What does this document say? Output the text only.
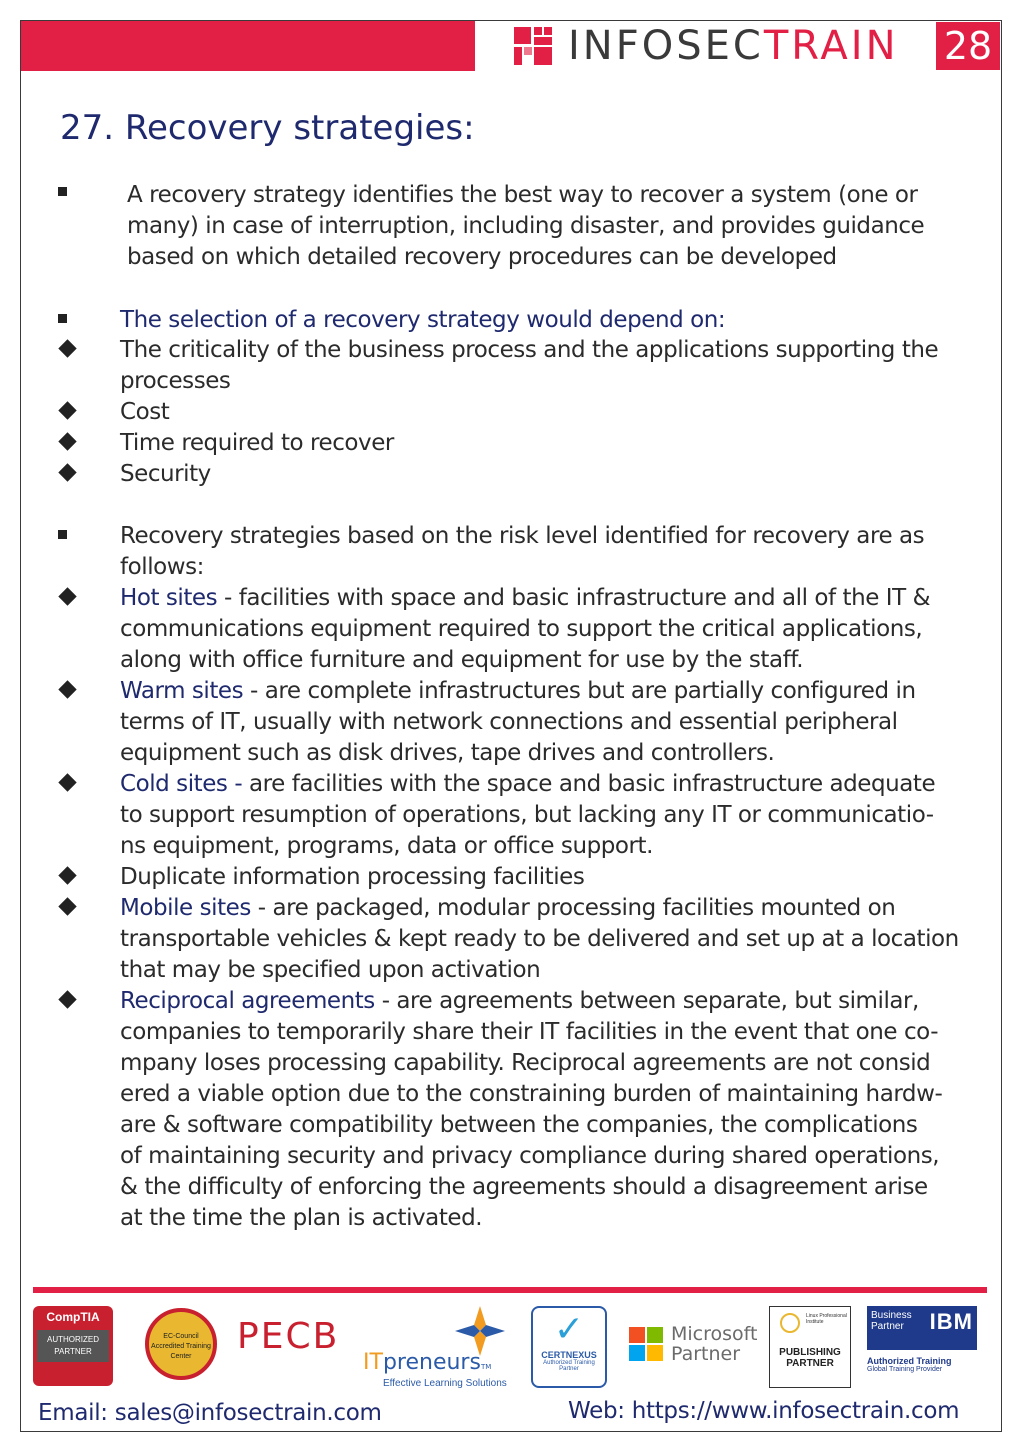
INFOSECTRAIN 28
27. Recovery strategies:
A recovery strategy identifies the best way to recover a system (one or
many) in case of interruption, including disaster, and provides guidance
based on which detailed recovery procedures can be developed
The selection of a recovery strategy would depend on:
The criticality of the business process and the applications supporting the
processes
Cost
Time required to recover
Security
Recovery strategies based on the risk level identified for recovery are as
follows:
Hot sites - facilities with space and basic infrastructure and all of the IT &
communications equipment required to support the critical applications,
along with office furniture and equipment for use by the staff.
Warm sites - are complete infrastructures but are partially configured in
terms of IT, usually with network connections and essential peripheral
equipment such as disk drives, tape drives and controllers.
Cold sites - are facilities with the space and basic infrastructure adequate
to support resumption of operations, but lacking any IT or communicatio-
ns equipment, programs, data or office support.
Duplicate information processing facilities
Mobile sites - are packaged, modular processing facilities mounted on
transportable vehicles & kept ready to be delivered and set up at a location
that may be specified upon activation
Reciprocal agreements - are agreements between separate, but similar,
companies to temporarily share their IT facilities in the event that one co-
mpany loses processing capability. Reciprocal agreements are not consid
ered a viable option due to the constraining burden of maintaining hardw-
are & software compatibility between the companies, the complications
of maintaining security and privacy compliance during shared operations,
& the difficulty of enforcing the agreements should a disagreement arise
at the time the plan is activated.
CompTIA
AUTHORIZED PARTNER
EC-Council Accredited Training Center	PECB
ITpreneursTM
Effective Learning Solutions
✓
CERTNEXUS
Authorized Training Partner
Microsoft
Partner
Linux Professional Institute
PUBLISHING PARTNER
Business Partner	IBM
Authorized Training
Global Training Provider
Email: sales@infosectrain.com	Web: https://www.infosectrain.com
